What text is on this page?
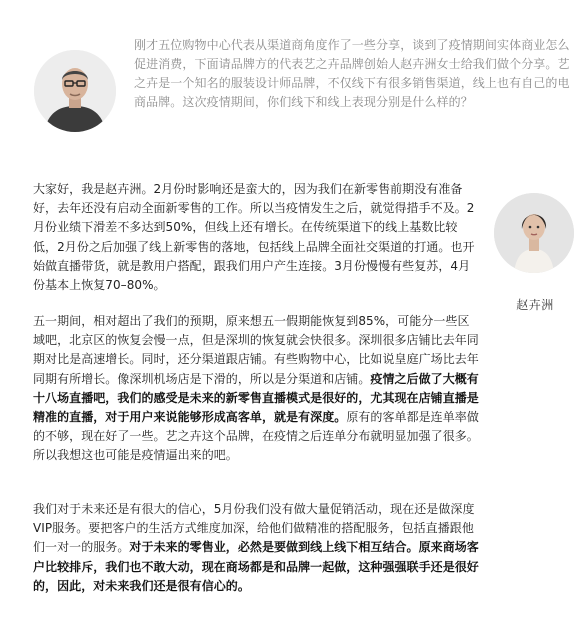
刚才五位购物中心代表从渠道商角度作了一些分享，谈到了疫情期间实体商业怎么促进消费，下面请品牌方的代表艺之卉品牌创始人赵卉洲女士给我们做个分享。艺之卉是一个知名的服装设计师品牌，不仅线下有很多销售渠道，线上也有自己的电商品牌。这次疫情期间，你们线下和线上表现分别是什么样的？
赵卉洲
大家好，我是赵卉洲。2月份时影响还是蛮大的，因为我们在新零售前期没有准备好，去年还没有启动全面新零售的工作。所以当疫情发生之后，就觉得措手不及。2月份业绩下滑差不多达到50%，但线上还有增长。在传统渠道下的线上基数比较低，2月份之后加强了线上新零售的落地，包括线上品牌全面社交渠道的打通。也开始做直播带货，就是教用户搭配，跟我们用户产生连接。3月份慢慢有些复苏，4月份基本上恢复70–80%。
五一期间，相对超出了我们的预期，原来想五一假期能恢复到85%，可能分一些区域吧，北京区的恢复会慢一点，但是深圳的恢复就会快很多。深圳很多店铺比去年同期对比是高速增长。同时，还分渠道跟店铺。有些购物中心，比如说皇庭广场比去年同期有所增长。像深圳机场店是下滑的，所以是分渠道和店铺。疫情之后做了大概有十八场直播吧，我们的感受是未来的新零售直播模式是很好的，尤其现在店铺直播是精准的直播，对于用户来说能够形成高客单，就是有深度。原有的客单都是连单率做的不够，现在好了一些。艺之卉这个品牌，在疫情之后连单分布就明显加强了很多。所以我想这也可能是疫情逼出来的吧。
我们对于未来还是有很大的信心，5月份我们没有做大量促销活动，现在还是做深度VIP服务。要把客户的生活方式维度加深，给他们做精准的搭配服务，包括直播跟他们一对一的服务。对于未来的零售业，必然是要做到线上线下相互结合。原来商场客户比较排斥，我们也不敢大动，现在商场都是和品牌一起做，这种强强联手还是很好的，因此，对未来我们还是很有信心的。
